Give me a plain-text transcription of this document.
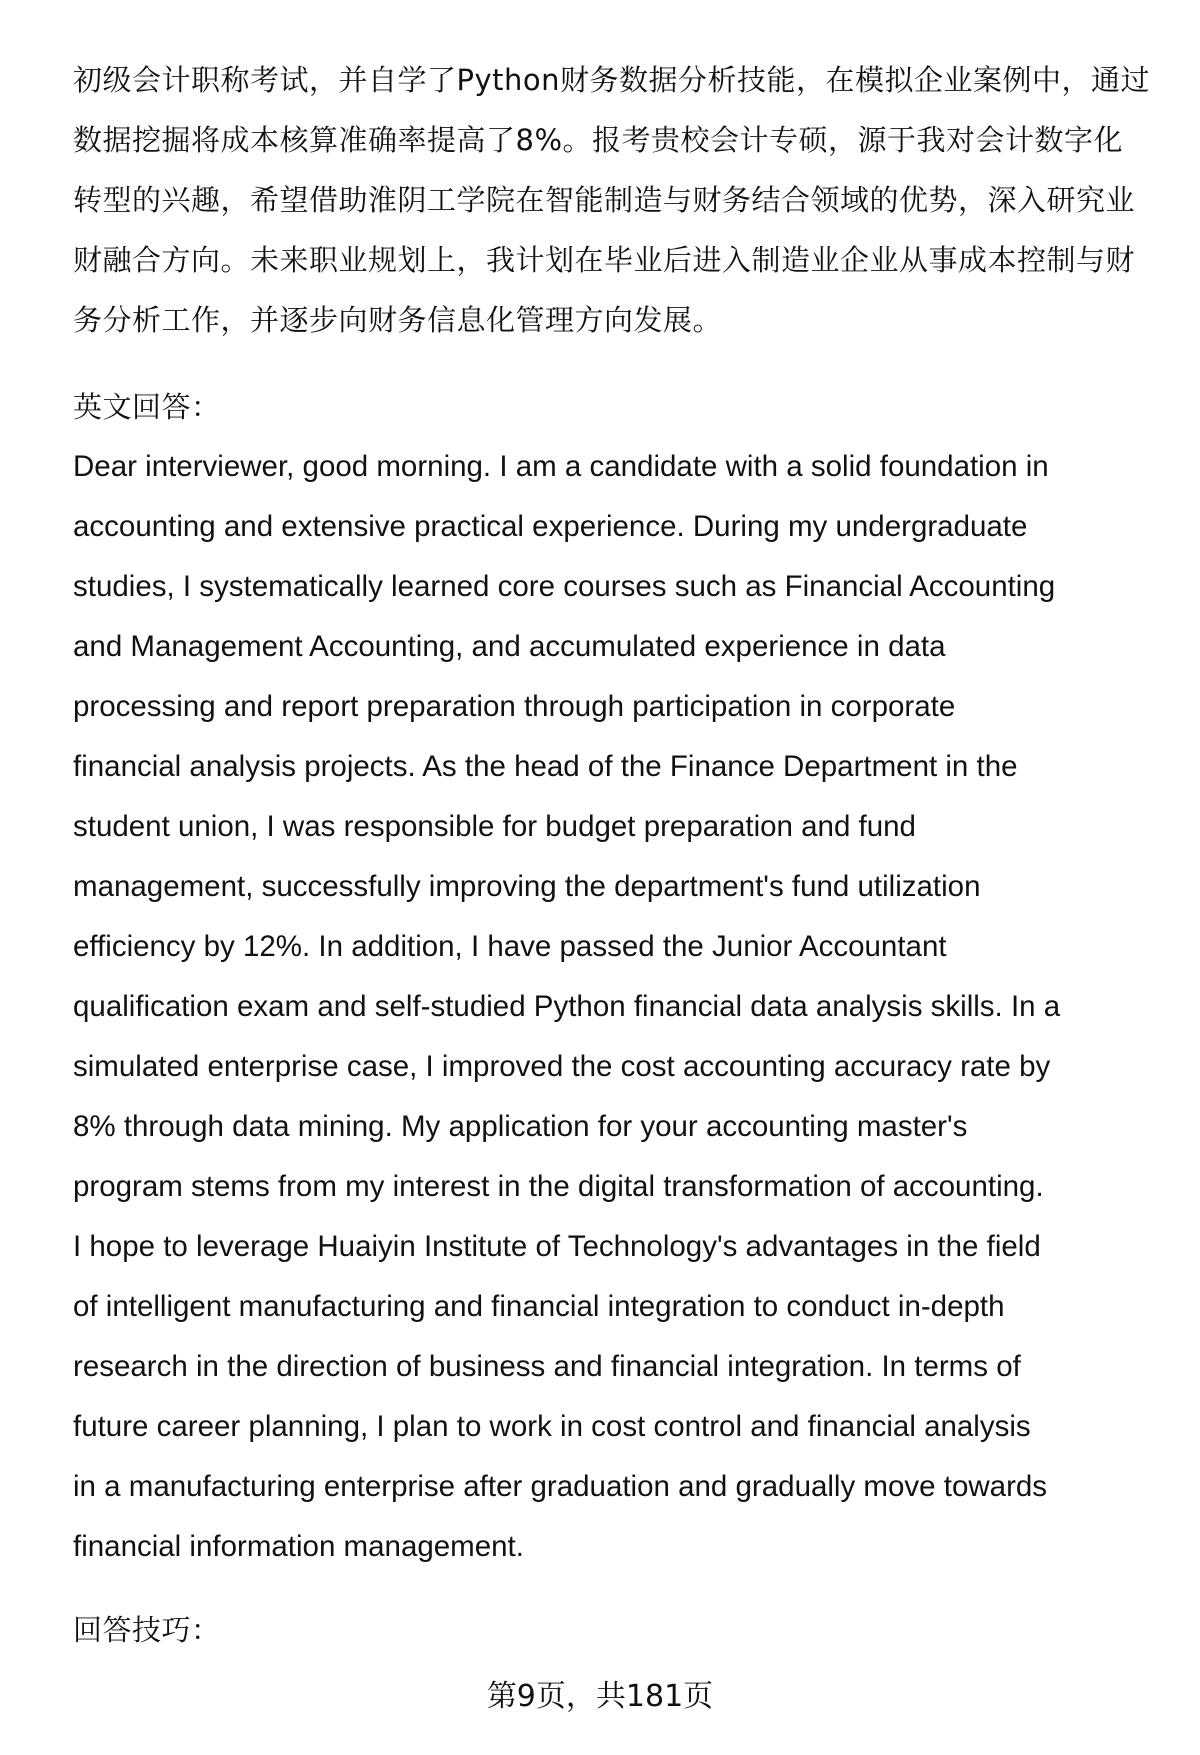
初级会计职称考试，并自学了Python财务数据分析技能，在模拟企业案例中，通过
数据挖掘将成本核算准确率提高了8%。报考贵校会计专硕，源于我对会计数字化
转型的兴趣，希望借助淮阴工学院在智能制造与财务结合领域的优势，深入研究业
财融合方向。未来职业规划上，我计划在毕业后进入制造业企业从事成本控制与财
务分析工作，并逐步向财务信息化管理方向发展。
英文回答：
Dear interviewer, good morning. I am a candidate with a solid foundation in
accounting and extensive practical experience. During my undergraduate
studies, I systematically learned core courses such as Financial Accounting
and Management Accounting, and accumulated experience in data
processing and report preparation through participation in corporate
financial analysis projects. As the head of the Finance Department in the
student union, I was responsible for budget preparation and fund
management, successfully improving the department's fund utilization
efficiency by 12%. In addition, I have passed the Junior Accountant
qualification exam and self-studied Python financial data analysis skills. In a
simulated enterprise case, I improved the cost accounting accuracy rate by
8% through data mining. My application for your accounting master's
program stems from my interest in the digital transformation of accounting.
I hope to leverage Huaiyin Institute of Technology's advantages in the field
of intelligent manufacturing and financial integration to conduct in-depth
research in the direction of business and financial integration. In terms of
future career planning, I plan to work in cost control and financial analysis
in a manufacturing enterprise after graduation and gradually move towards
financial information management.
回答技巧：
第9页，共181页
